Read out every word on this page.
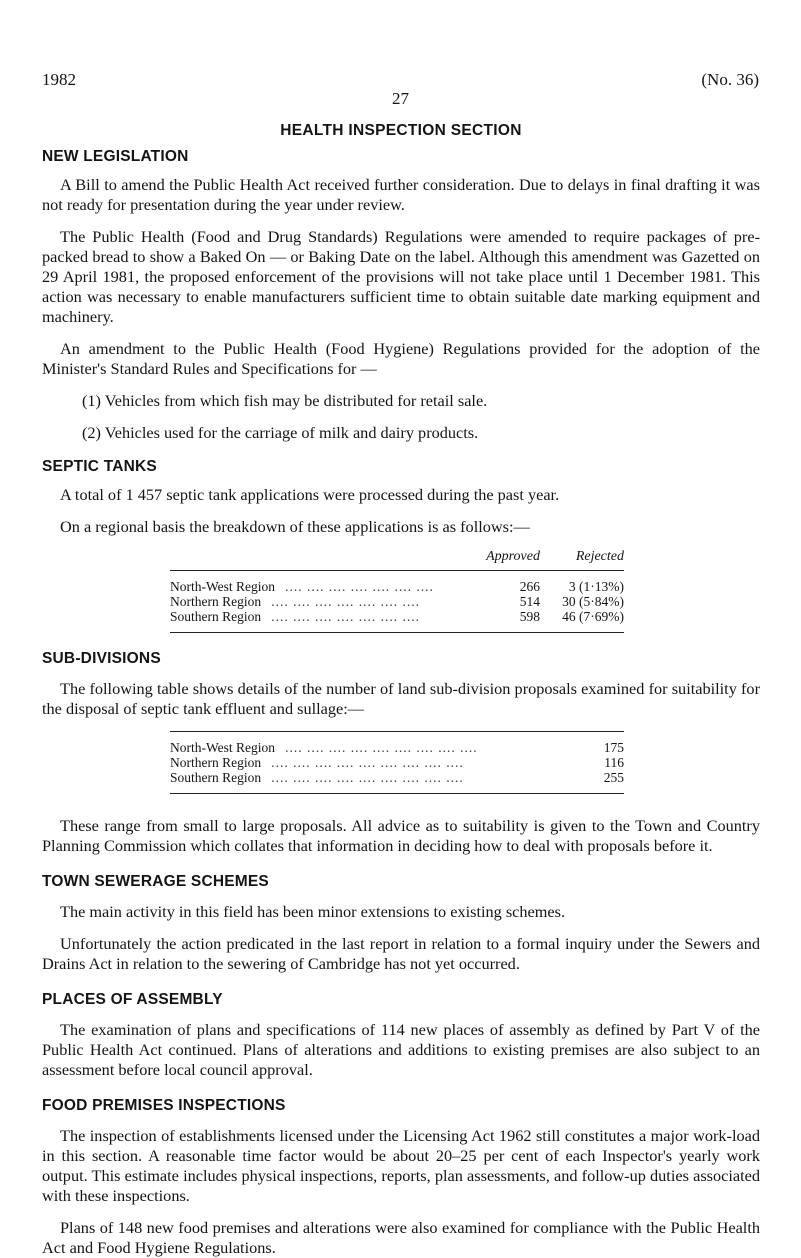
1982
27
(No. 36)
HEALTH INSPECTION SECTION
NEW LEGISLATION

A Bill to amend the Public Health Act received further consideration. Due to delays in final drafting it was not ready for presentation during the year under review.

The Public Health (Food and Drug Standards) Regulations were amended to require packages of pre-packed bread to show a Baked On — or Baking Date on the label. Although this amendment was Gazetted on 29 April 1981, the proposed enforcement of the provisions will not take place until 1 December 1981. This action was necessary to enable manufacturers sufficient time to obtain suitable date marking equipment and machinery.

An amendment to the Public Health (Food Hygiene) Regulations provided for the adoption of the Minister's Standard Rules and Specifications for —

(1) Vehicles from which fish may be distributed for retail sale.

(2) Vehicles used for the carriage of milk and dairy products.

SEPTIC TANKS

A total of 1 457 septic tank applications were processed during the past year.

On a regional basis the breakdown of these applications is as follows:—

	Approved	Rejected

North-West Region .... .... .... .... .... .... ....	266	3 (1·13%)
Northern Region .... .... .... .... .... .... ....	514	30 (5·84%)
Southern Region .... .... .... .... .... .... ....	598	46 (7·69%)

SUB-DIVISIONS

The following table shows details of the number of land sub-division proposals examined for suitability for the disposal of septic tank effluent and sullage:—

North-West Region .... .... .... .... .... .... .... .... ....	175
Northern Region .... .... .... .... .... .... .... .... ....	116
Southern Region .... .... .... .... .... .... .... .... ....	255

These range from small to large proposals. All advice as to suitability is given to the Town and Country Planning Commission which collates that information in deciding how to deal with proposals before it.

TOWN SEWERAGE SCHEMES

The main activity in this field has been minor extensions to existing schemes.

Unfortunately the action predicated in the last report in relation to a formal inquiry under the Sewers and Drains Act in relation to the sewering of Cambridge has not yet occurred.

PLACES OF ASSEMBLY

The examination of plans and specifications of 114 new places of assembly as defined by Part V of the Public Health Act continued. Plans of alterations and additions to existing premises are also subject to an assessment before local council approval.

FOOD PREMISES INSPECTIONS

The inspection of establishments licensed under the Licensing Act 1962 still constitutes a major work-load in this section. A reasonable time factor would be about 20–25 per cent of each Inspector's yearly work output. This estimate includes physical inspections, reports, plan assessments, and follow-up duties associated with these inspections.

Plans of 148 new food premises and alterations were also examined for compliance with the Public Health Act and Food Hygiene Regulations.
